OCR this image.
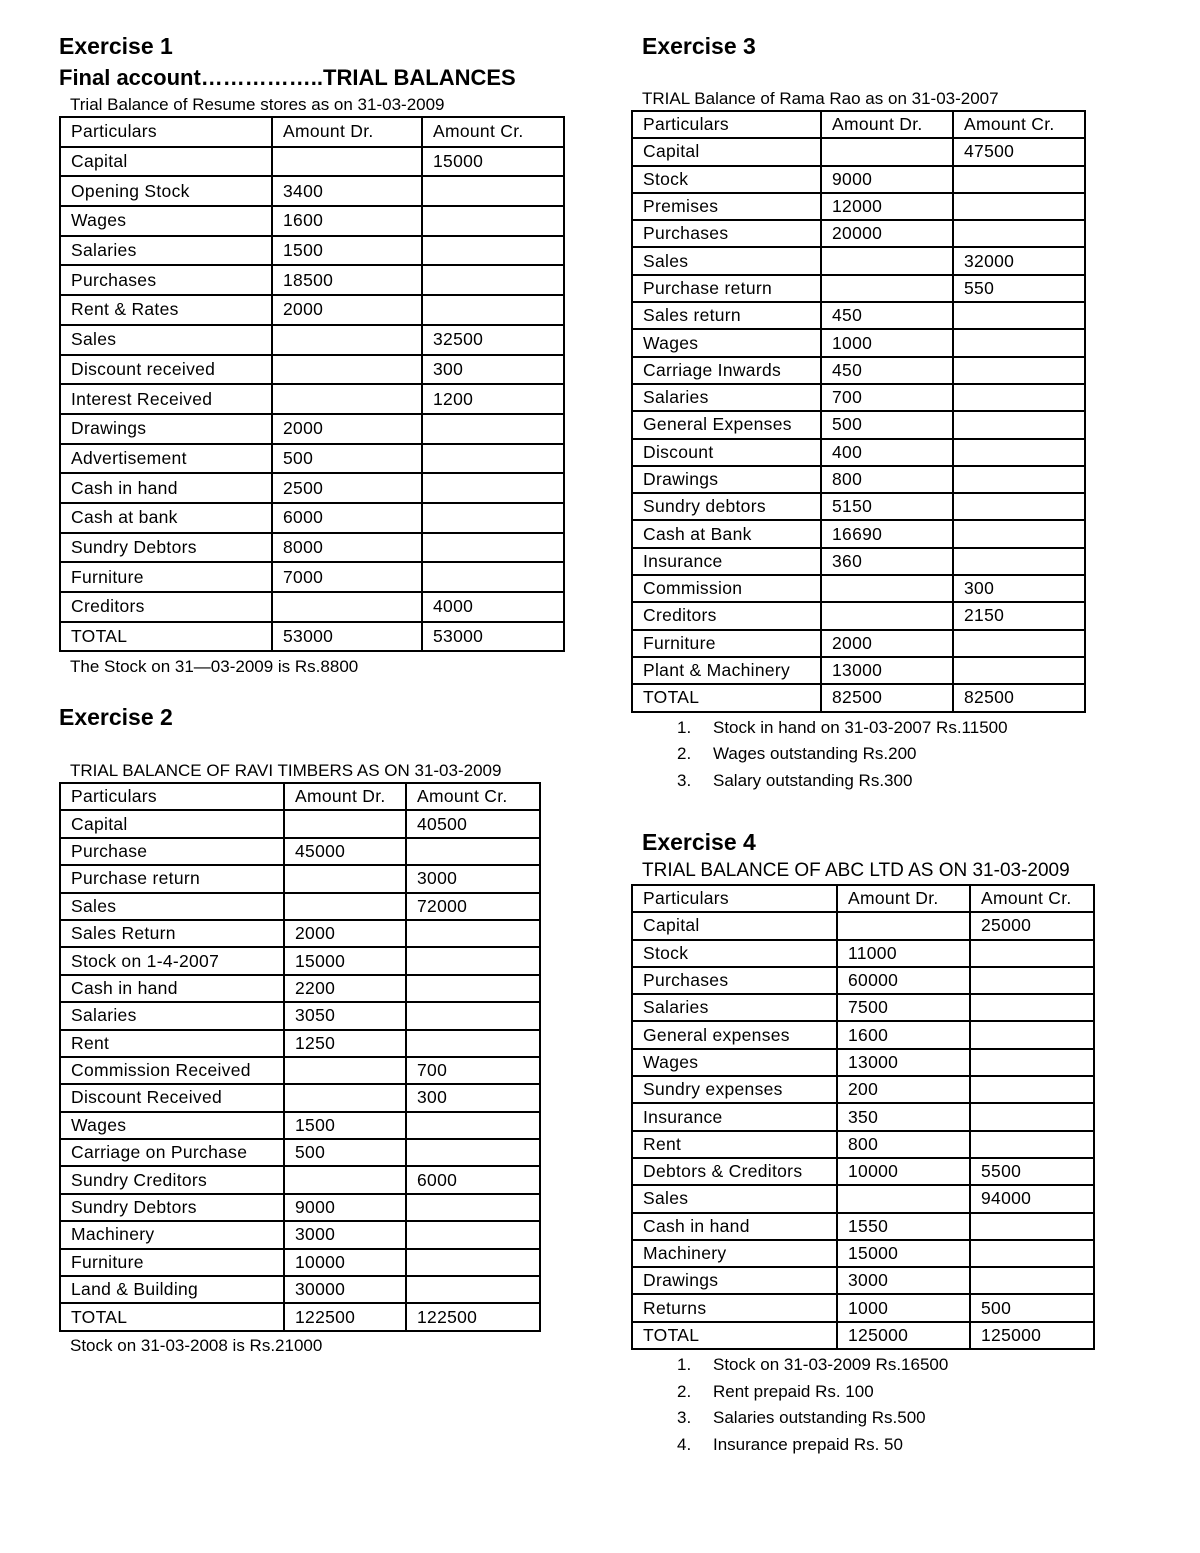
Exercise 1
Final account……………..TRIAL BALANCES
Trial Balance of Resume stores as on 31-03-2009
Particulars	Amount Dr.	Amount Cr.
Capital		15000
Opening Stock	3400	
Wages	1600	
Salaries	1500	
Purchases	18500	
Rent & Rates	2000	
Sales		32500
Discount received		300
Interest Received		1200
Drawings	2000	
Advertisement	500	
Cash in hand	2500	
Cash at bank	6000	
Sundry Debtors	8000	
Furniture	7000	
Creditors		4000
TOTAL	53000	53000
The Stock on 31—03-2009 is Rs.8800
Exercise 2
TRIAL BALANCE OF RAVI TIMBERS AS ON 31-03-2009
Particulars	Amount Dr.	Amount Cr.
Capital		40500
Purchase	45000	
Purchase return		3000
Sales		72000
Sales Return	2000	
Stock on 1-4-2007	15000	
Cash in hand	2200	
Salaries	3050	
Rent	1250	
Commission Received		700
Discount Received		300
Wages	1500	
Carriage on Purchase	500	
Sundry Creditors		6000
Sundry Debtors	9000	
Machinery	3000	
Furniture	10000	
Land & Building	30000	
TOTAL	122500	122500
Stock on 31-03-2008 is Rs.21000
Exercise 3
TRIAL Balance of Rama Rao as on 31-03-2007
Particulars	Amount Dr.	Amount Cr.
Capital		47500
Stock	9000	
Premises	12000	
Purchases	20000	
Sales		32000
Purchase return		550
Sales return	450	
Wages	1000	
Carriage Inwards	450	
Salaries	700	
General Expenses	500	
Discount	400	
Drawings	800	
Sundry debtors	5150	
Cash at Bank	16690	
Insurance	360	
Commission		300
Creditors		2150
Furniture	2000	
Plant & Machinery	13000	
TOTAL	82500	82500
1. Stock in hand on 31-03-2007 Rs.11500
2. Wages outstanding Rs.200
3. Salary outstanding Rs.300
Exercise 4
TRIAL BALANCE OF ABC LTD AS ON 31-03-2009
Particulars	Amount Dr.	Amount Cr.
Capital		25000
Stock	11000	
Purchases	60000	
Salaries	7500	
General expenses	1600	
Wages	13000	
Sundry expenses	200	
Insurance	350	
Rent	800	
Debtors & Creditors	10000	5500
Sales		94000
Cash in hand	1550	
Machinery	15000	
Drawings	3000	
Returns	1000	500
TOTAL	125000	125000
1. Stock on 31-03-2009 Rs.16500
2. Rent prepaid Rs. 100
3. Salaries outstanding Rs.500
4. Insurance prepaid Rs. 50
